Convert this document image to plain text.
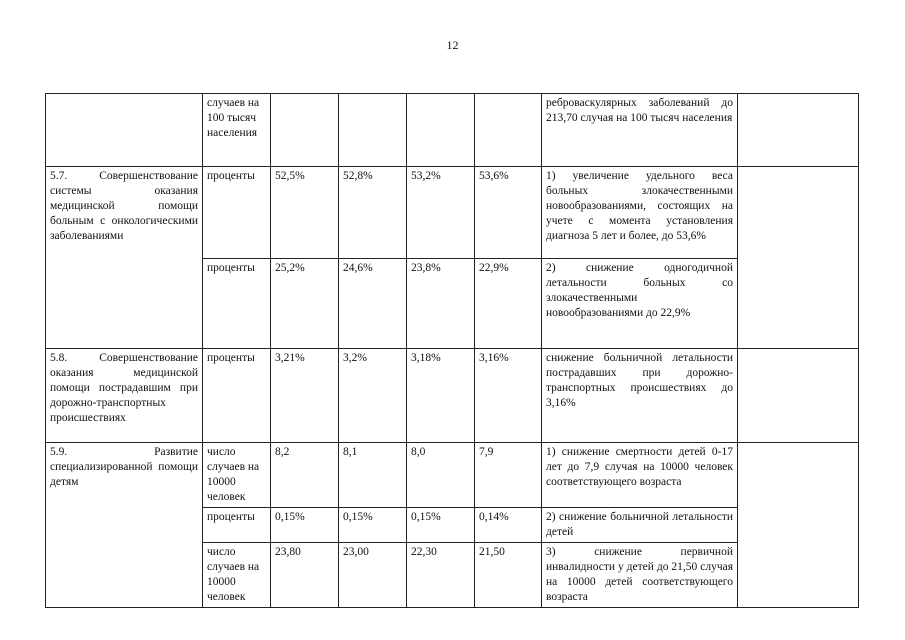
12
	случаев на 100 тысяч населения					реброваскулярных заболеваний до 213,70 случая на 100 тысяч населения	
5.7. Совершенствование системы оказания медицинской помощи больным с онкологическими заболеваниями	проценты	52,5%	52,8%	53,2%	53,6%	1) увеличение удельного веса больных злокачественными новообразованиями, состоящих на учете с момента установления диагноза 5 лет и более, до 53,6%	
	проценты	25,2%	24,6%	23,8%	22,9%	2) снижение одногодичной летальности больных со злокачественными новообразованиями до 22,9%	
5.8. Совершенствование оказания медицинской помощи пострадавшим при дорожно-транспортных происшествиях	проценты	3,21%	3,2%	3,18%	3,16%	снижение больничной летальности пострадавших при дорожно-транспортных происшествиях до 3,16%	
5.9. Развитие специализированной помощи детям	число случаев на 10000 человек	8,2	8,1	8,0	7,9	1) снижение смертности детей 0-17 лет до 7,9 случая на 10000 человек соответствующего возраста	
	проценты	0,15%	0,15%	0,15%	0,14%	2) снижение больничной летальности детей	
	число случаев на 10000 человек	23,80	23,00	22,30	21,50	3) снижение первичной инвалидности у детей до 21,50 случая на 10000 детей соответствующего возраста	
